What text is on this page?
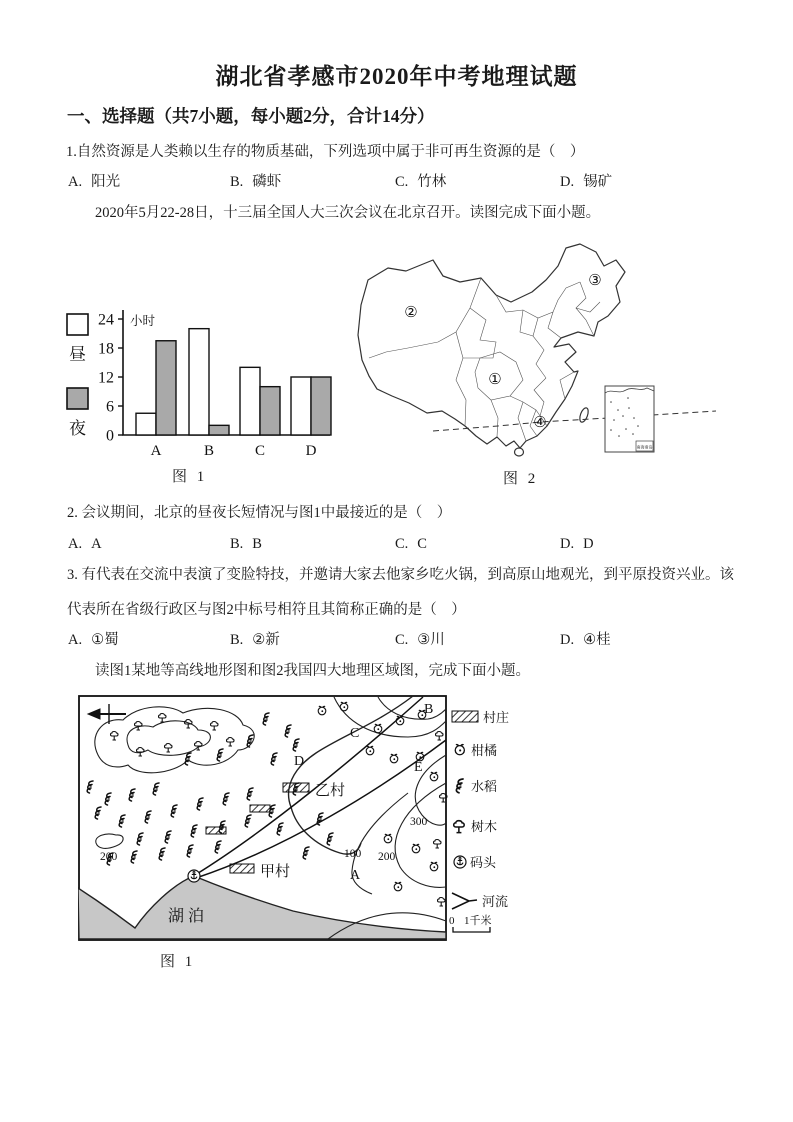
湖北省孝感市2020年中考地理试题
一、选择题（共7小题，每小题2分，合计14分）
1.自然资源是人类赖以生存的物质基础，下列选项中属于非可再生资源的是（　）
A. 阳光	B. 磷虾	C. 竹林	D. 锡矿
2020年5月22-28日，十三届全国人大三次会议在北京召开。读图完成下面小题。
0
6
12
18
24 小时
A	B	C	D
昼
夜
图 1
①
②
③
④
南海诸岛
图 2
2. 会议期间，北京的昼夜长短情况与图1中最接近的是（　）
A. A	B. B	C. C	D. D
3. 有代表在交流中表演了变脸特技，并邀请大家去他家乡吃火锅，到高原山地观光，到平原投资兴业。该
代表所在省级行政区与图2中标号相符且其简称正确的是（　）
A. ①蜀	B. ②新	C. ③川	D. ④桂
读图1某地等高线地形图和图2我国四大地理区域图，完成下面小题。
湖泊
乙村
甲村	A
B
C
D	E
100 200
300
200
村庄
柑橘
水稻
树木
码头
河流
0 1千米
图 1
